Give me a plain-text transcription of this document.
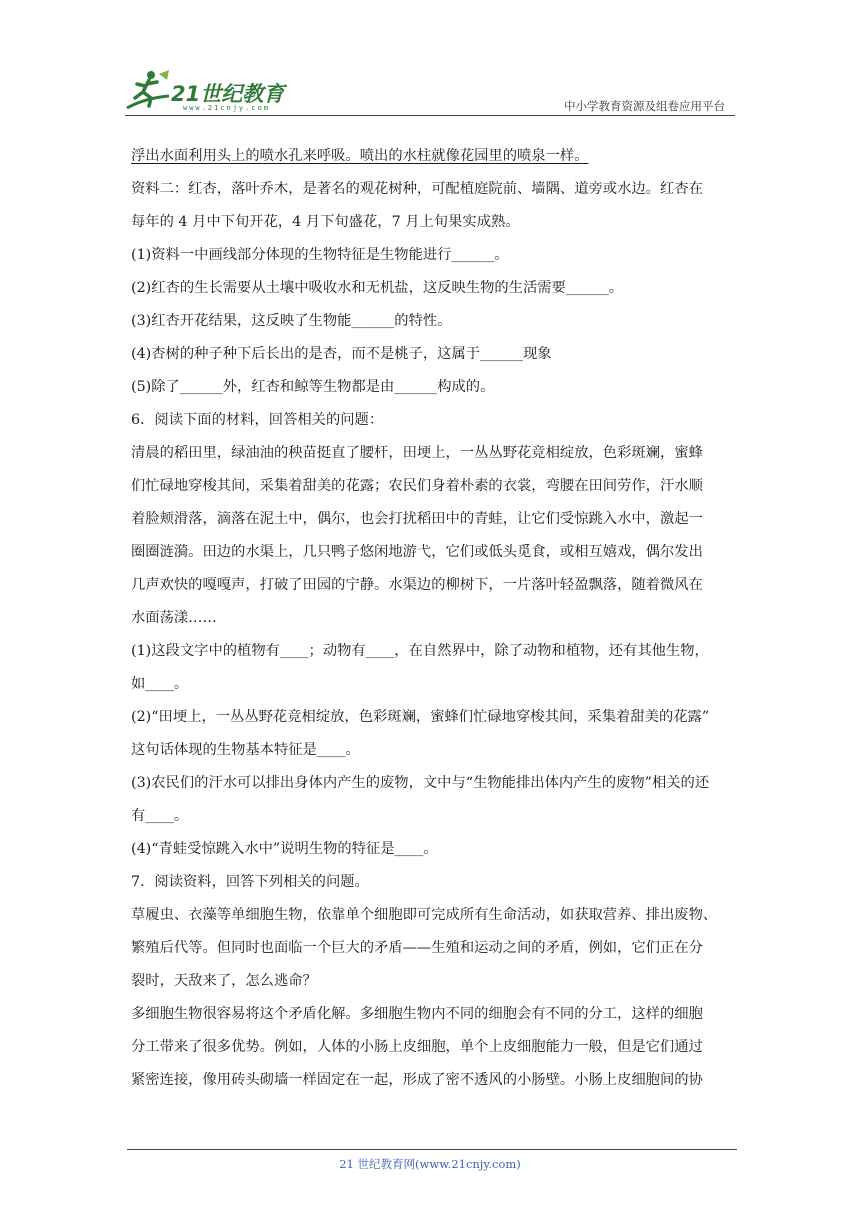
21世纪教育
www.21cnjy.com	中小学教育资源及组卷应用平台
浮出水面利用头上的喷水孔来呼吸。喷出的水柱就像花园里的喷泉一样。
资料二：红杏，落叶乔木，是著名的观花树种，可配植庭院前、墙隅、道旁或水边。红杏在
每年的 4 月中下旬开花，4 月下旬盛花，7 月上旬果实成熟。
(1)资料一中画线部分体现的生物特征是生物能进行______。
(2)红杏的生长需要从土壤中吸收水和无机盐，这反映生物的生活需要______。
(3)红杏开花结果，这反映了生物能______的特性。
(4)杏树的种子种下后长出的是杏，而不是桃子，这属于______现象
(5)除了______外，红杏和鲸等生物都是由______构成的。
6．阅读下面的材料，回答相关的问题：
清晨的稻田里，绿油油的秧苗挺直了腰杆，田埂上，一丛丛野花竞相绽放，色彩斑斓，蜜蜂
们忙碌地穿梭其间，采集着甜美的花露；农民们身着朴素的衣裳，弯腰在田间劳作，汗水顺
着脸颊滑落，滴落在泥土中，偶尔，也会打扰稻田中的青蛙，让它们受惊跳入水中，激起一
圈圈涟漪。田边的水渠上，几只鸭子悠闲地游弋，它们或低头觅食，或相互嬉戏，偶尔发出
几声欢快的嘎嘎声，打破了田园的宁静。水渠边的柳树下，一片落叶轻盈飘落，随着微风在
水面荡漾……
(1)这段文字中的植物有____；动物有____，在自然界中，除了动物和植物，还有其他生物，
如____。
(2)“田埂上，一丛丛野花竞相绽放，色彩斑斓，蜜蜂们忙碌地穿梭其间，采集着甜美的花露”
这句话体现的生物基本特征是____。
(3)农民们的汗水可以排出身体内产生的废物，文中与“生物能排出体内产生的废物”相关的还
有____。
(4)“青蛙受惊跳入水中”说明生物的特征是____。
7．阅读资料，回答下列相关的问题。
草履虫、衣藻等单细胞生物，依靠单个细胞即可完成所有生命活动，如获取营养、排出废物、
繁殖后代等。但同时也面临一个巨大的矛盾——生殖和运动之间的矛盾，例如，它们正在分
裂时，天敌来了，怎么逃命？
多细胞生物很容易将这个矛盾化解。多细胞生物内不同的细胞会有不同的分工，这样的细胞
分工带来了很多优势。例如，人体的小肠上皮细胞，单个上皮细胞能力一般，但是它们通过
紧密连接，像用砖头砌墙一样固定在一起，形成了密不透风的小肠壁。小肠上皮细胞间的协
21 世纪教育网(www.21cnjy.com)
